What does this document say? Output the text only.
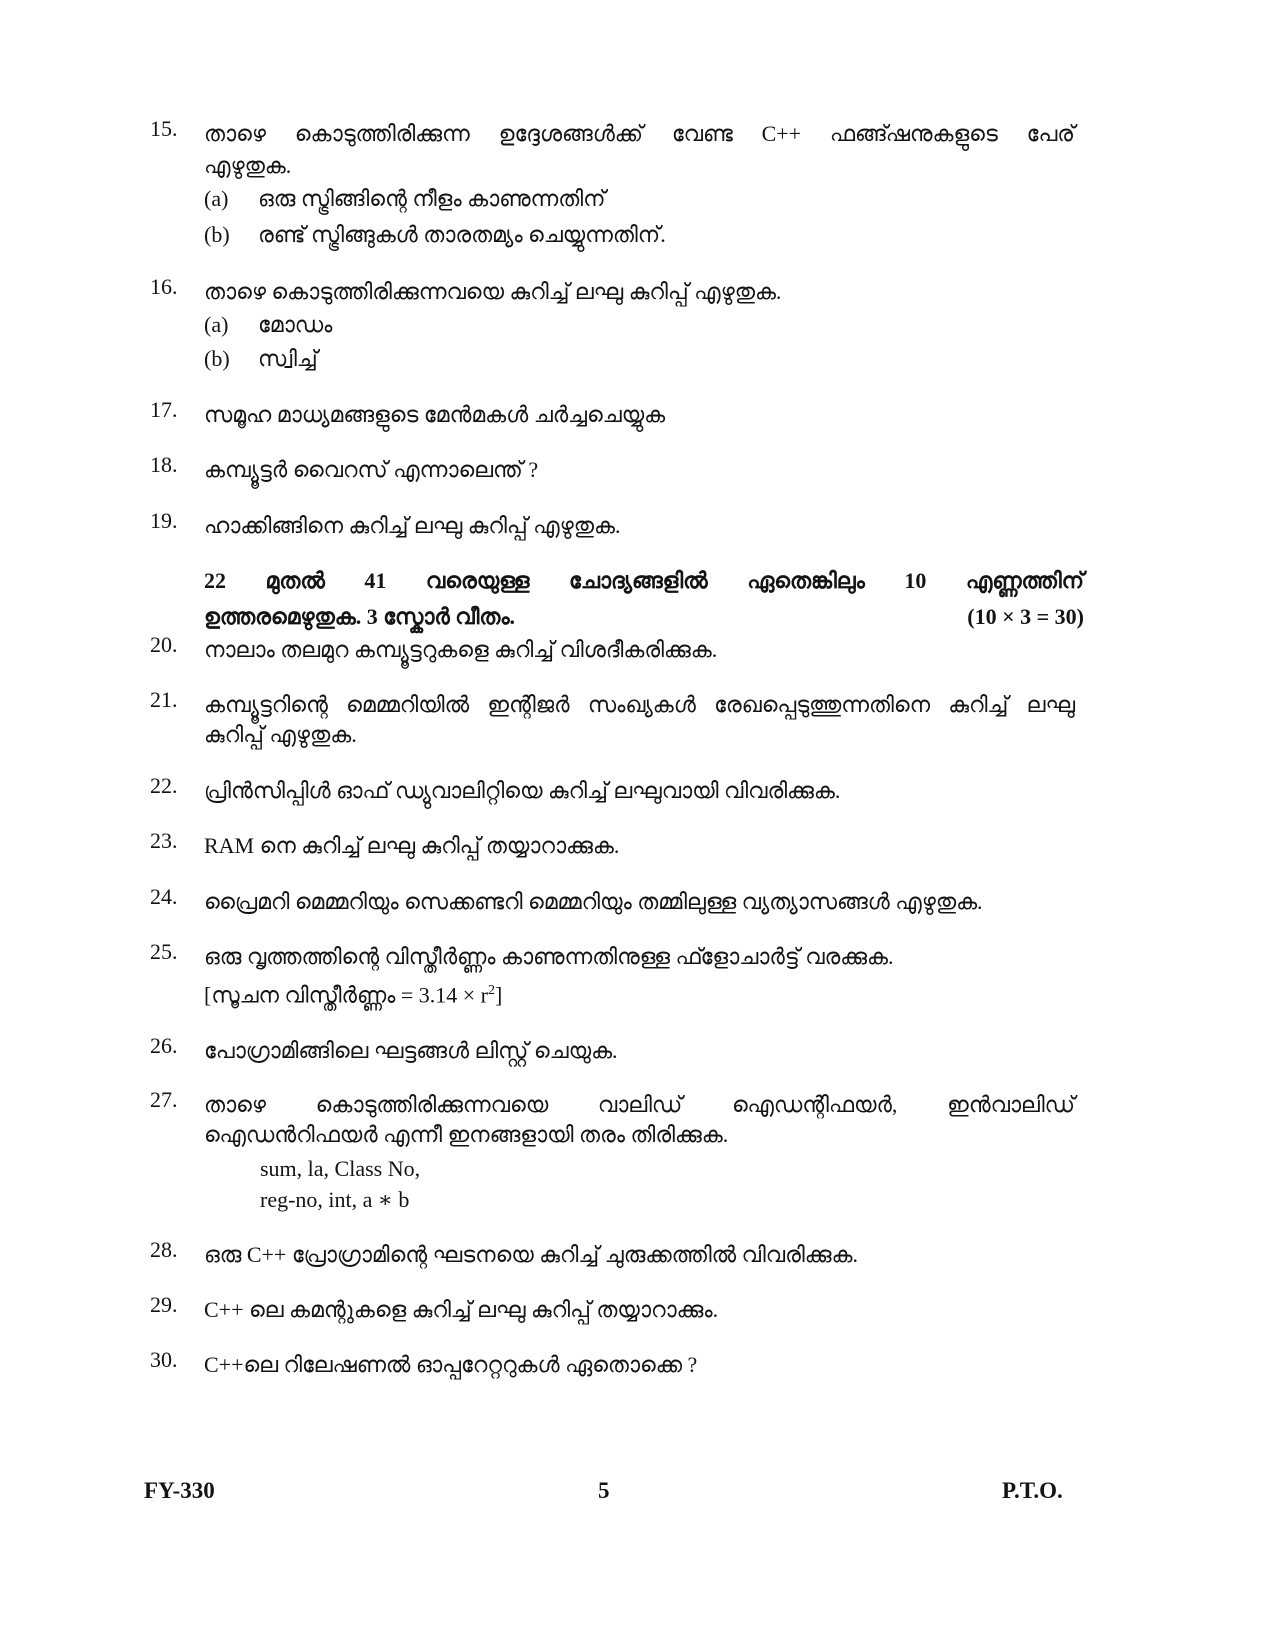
15.	താഴെ കൊടുത്തിരിക്കുന്ന ഉദ്ദേശങ്ങൾക്ക് വേണ്ട C++ ഫങ്ങ്ഷനുകളുടെ പേര്
എഴുതുക.
(a) ഒരു സ്ട്രിങ്ങിന്റെ നീളം കാണുന്നതിന്
(b) രണ്ട് സ്ട്രിങ്ങുകൾ താരതമ്യം ചെയ്യുന്നതിന്.
16.	താഴെ കൊടുത്തിരിക്കുന്നവയെ കുറിച്ച് ലഘു കുറിപ്പ് എഴുതുക.
(a) മോഡം
(b) സ്വിച്ച്
17.	സമൂഹ മാധ്യമങ്ങളുടെ മേൻമകൾ ചർച്ചചെയ്യുക
18.	കമ്പ്യൂട്ടർ വൈറസ് എന്നാലെന്ത് ?
19.	ഹാക്കിങ്ങിനെ കുറിച്ച് ലഘു കുറിപ്പ് എഴുതുക.
22 മുതൽ 41 വരെയുള്ള ചോദ്യങ്ങളിൽ ഏതെങ്കിലും 10 എണ്ണത്തിന്
ഉത്തരമെഴുതുക. 3 സ്കോർ വീതം.	(10 × 3 = 30)
20.	നാലാം തലമുറ കമ്പ്യൂട്ടറുകളെ കുറിച്ച് വിശദീകരിക്കുക.
21.	കമ്പ്യൂട്ടറിന്റെ മെമ്മറിയിൽ ഇന്റിജർ സംഖ്യകൾ രേഖപ്പെടുത്തുന്നതിനെ കുറിച്ച് ലഘു
കുറിപ്പ് എഴുതുക.
22.	പ്രിൻസിപ്പിൾ ഓഫ് ഡ്യുവാലിറ്റിയെ കുറിച്ച് ലഘുവായി വിവരിക്കുക.
23.	RAM നെ കുറിച്ച് ലഘു കുറിപ്പ് തയ്യാറാക്കുക.
24.	പ്രൈമറി മെമ്മറിയും സെക്കണ്ടറി മെമ്മറിയും തമ്മിലുള്ള വ്യത്യാസങ്ങൾ എഴുതുക.
25.	ഒരു വൃത്തത്തിന്റെ വിസ്തീർണ്ണം കാണുന്നതിനുള്ള ഫ്ളോചാർട്ട് വരക്കുക.
[സൂചന വിസ്തീർണ്ണം = $3.14 \times r^2$]
26.	പോഗ്രാമിങ്ങിലെ ഘട്ടങ്ങൾ ലിസ്റ്റ് ചെയുക.
27.	താഴെ കൊടുത്തിരിക്കുന്നവയെ വാലിഡ് ഐഡന്റിഫയർ, ഇൻവാലിഡ്
ഐഡൻറിഫയർ എന്നീ ഇനങ്ങളായി തരം തിരിക്കുക.
sum, la, Class No,
reg-no, int, a ∗ b
28.	ഒരു C++ പ്രോഗ്രാമിന്റെ ഘടനയെ കുറിച്ച് ചുരുക്കത്തിൽ വിവരിക്കുക.
29.	C++ ലെ കമന്റുകളെ കുറിച്ച് ലഘു കുറിപ്പ് തയ്യാറാക്കും.
30.	C++ലെ റിലേഷണൽ ഓപ്പറേറ്ററുകൾ ഏതൊക്കെ ?
FY-330	5	P.T.O.
